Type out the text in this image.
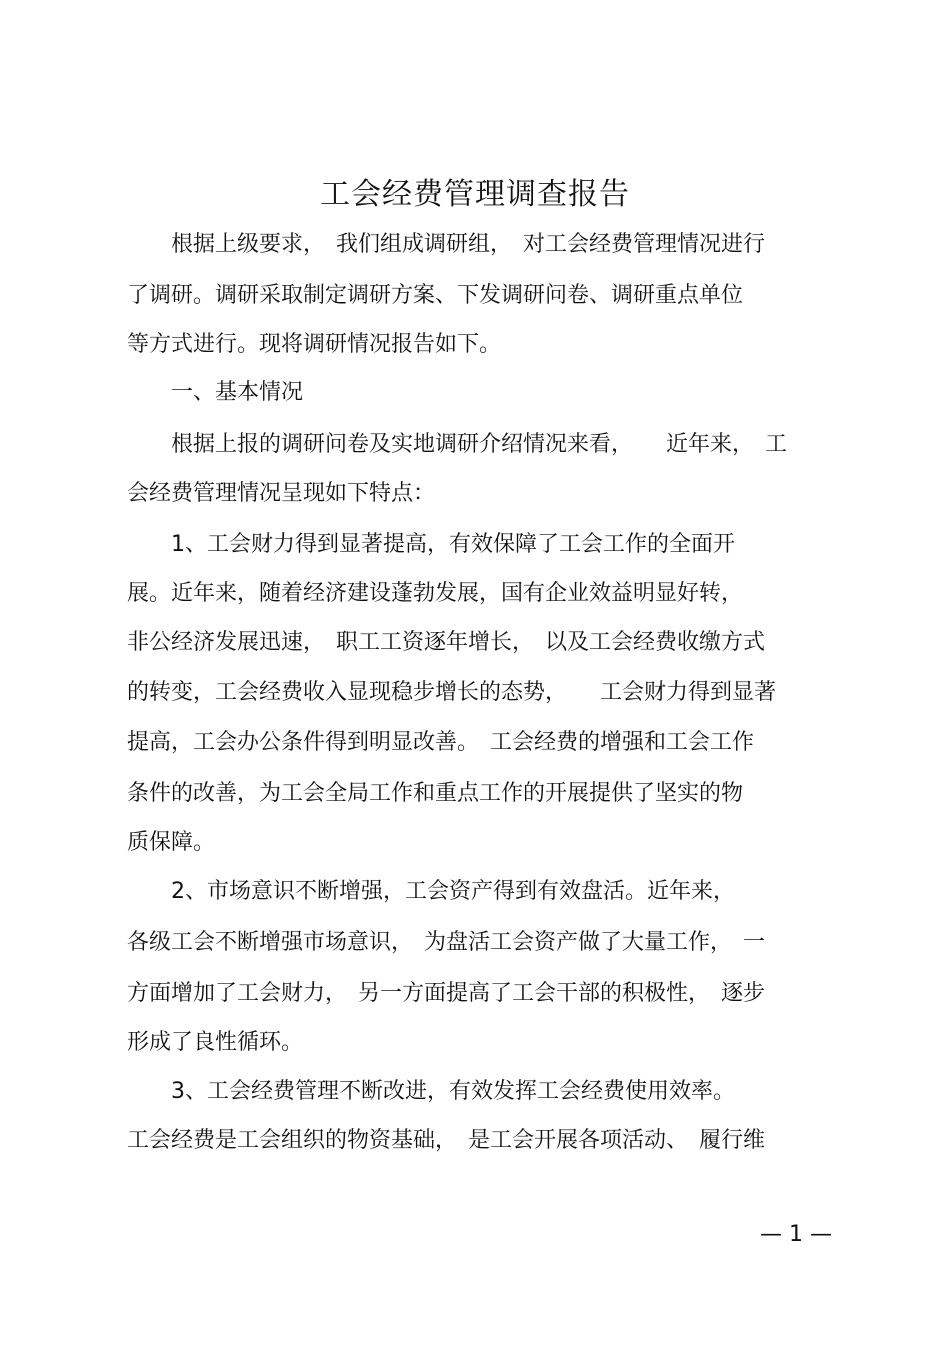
工会经费管理调查报告

　　根据上级要求，　我们组成调研组，　对工会经费管理情况进行

了调研。调研采取制定调研方案、下发调研问卷、调研重点单位

等方式进行。现将调研情况报告如下。

　　一、基本情况

　　根据上报的调研问卷及实地调研介绍情况来看，　　近年来，　工

会经费管理情况呈现如下特点：

　　1、工会财力得到显著提高，有效保障了工会工作的全面开

展。近年来，随着经济建设蓬勃发展，国有企业效益明显好转，

非公经济发展迅速，　职工工资逐年增长，　以及工会经费收缴方式

的转变，工会经费收入显现稳步增长的态势，　　工会财力得到显著

提高，工会办公条件得到明显改善。　工会经费的增强和工会工作

条件的改善，为工会全局工作和重点工作的开展提供了坚实的物

质保障。

　　2、市场意识不断增强，工会资产得到有效盘活。近年来，

各级工会不断增强市场意识，　为盘活工会资产做了大量工作，　一

方面增加了工会财力，　另一方面提高了工会干部的积极性，　逐步

形成了良性循环。

　　3、工会经费管理不断改进，有效发挥工会经费使用效率。

工会经费是工会组织的物资基础，　是工会开展各项活动、　履行维

— 1 —
